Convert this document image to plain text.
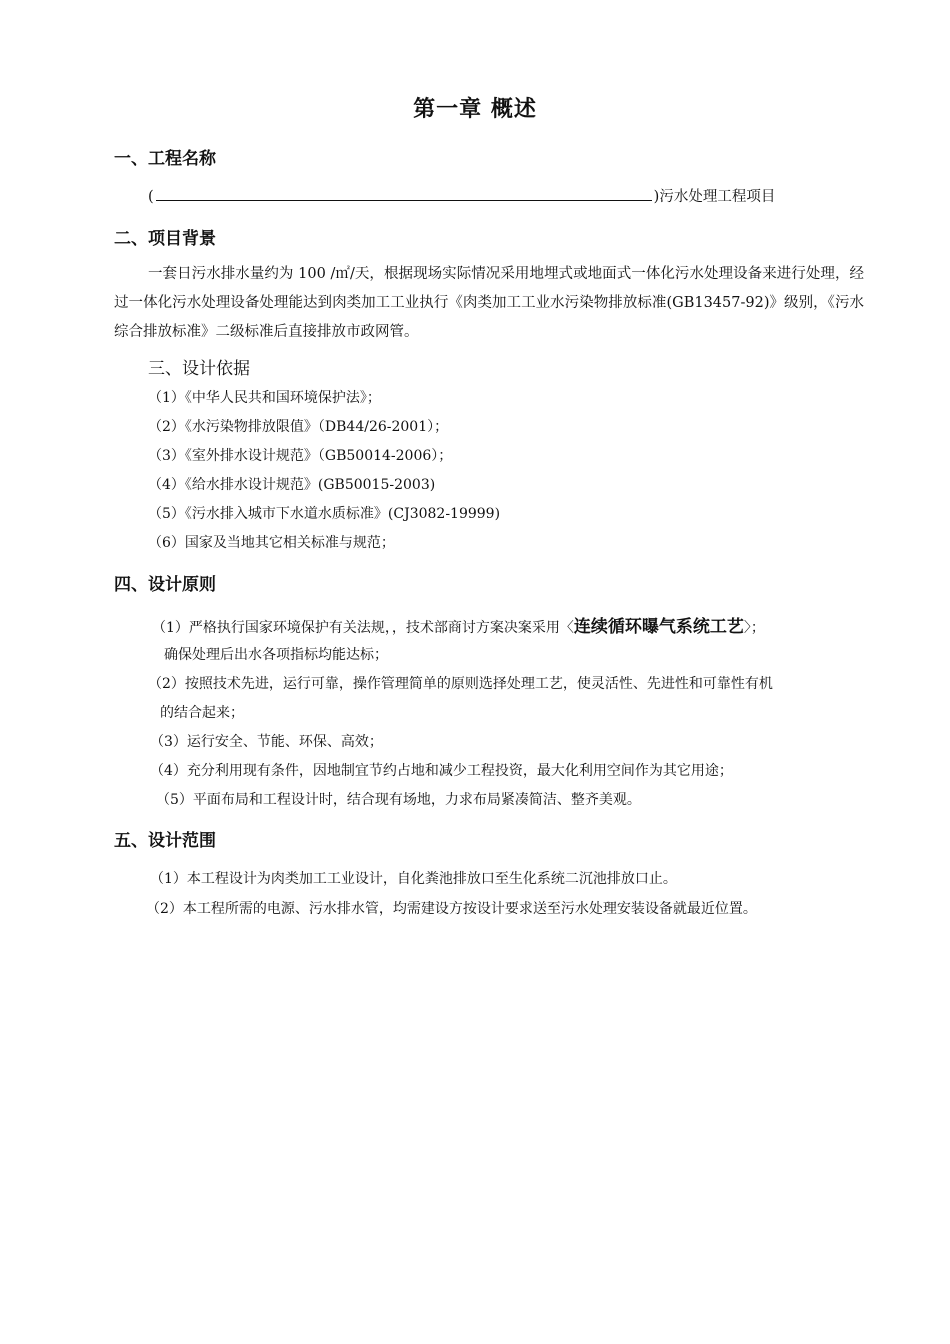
第一章 概述
一、工程名称
(	)污水处理工程项目
二、项目背景
一套日污水排水量约为 100 /㎡/天，根据现场实际情况采用地埋式或地面式一体化污水处理设备来进行处理，经过一体化污水处理设备处理能达到肉类加工工业执行《肉类加工工业水污染物排放标准(GB13457-92)》级别，《污水综合排放标准》二级标准后直接排放市政网管。
三、设计依据
（1）《中华人民共和国环境保护法》；
（2）《水污染物排放限值》（DB44/26-2001）；
（3）《室外排水设计规范》（GB50014-2006）；
（4）《给水排水设计规范》(GB50015-2003)
（5）《污水排入城市下水道水质标准》(CJ3082-19999)
（6）国家及当地其它相关标准与规范；
四、设计原则
（1）严格执行国家环境保护有关法规，，技术部商讨方案决案采用〈连续循环曝气系统工艺〉；
确保处理后出水各项指标均能达标；
（2）按照技术先进，运行可靠，操作管理简单的原则选择处理工艺，使灵活性、先进性和可靠性有机
的结合起来；
（3）运行安全、节能、环保、高效；
（4）充分利用现有条件，因地制宜节约占地和减少工程投资，最大化利用空间作为其它用途；
（5）平面布局和工程设计时，结合现有场地，力求布局紧凑简洁、整齐美观。
五、设计范围
（1）本工程设计为肉类加工工业设计，自化粪池排放口至生化系统二沉池排放口止。
（2）本工程所需的电源、污水排水管，均需建设方按设计要求送至污水处理安装设备就最近位置。
